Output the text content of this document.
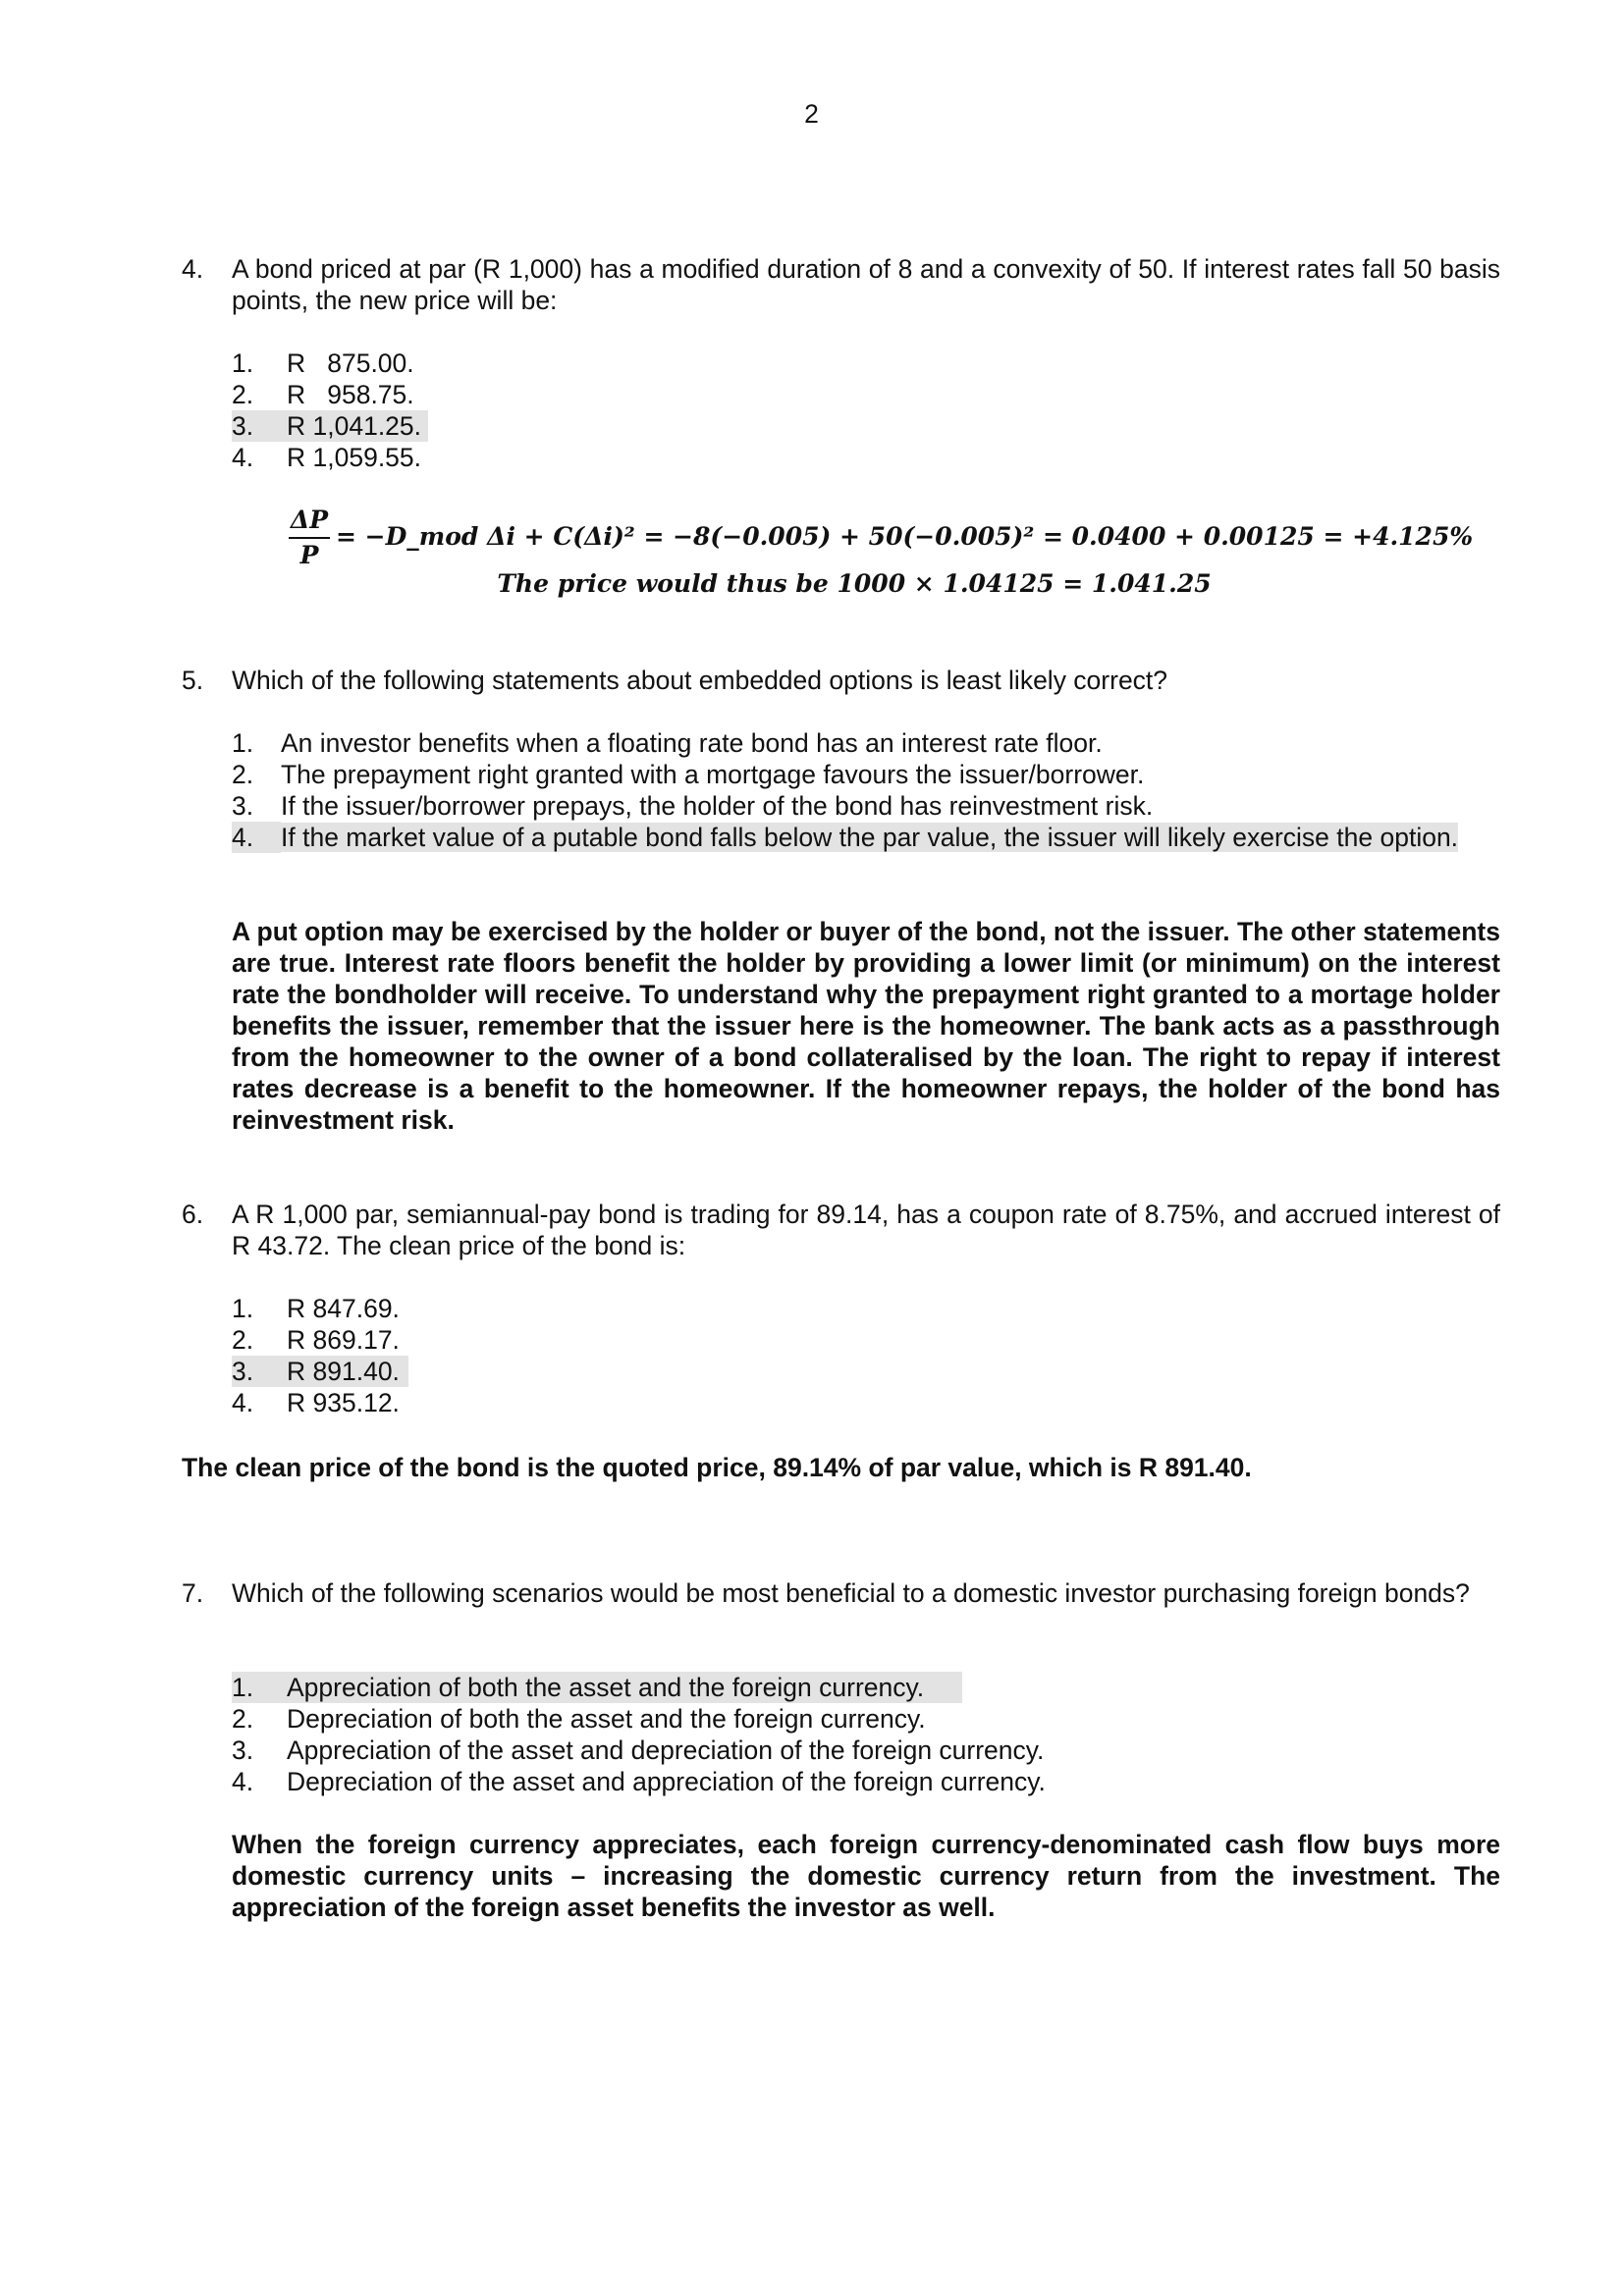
2
4. A bond priced at par (R 1,000) has a modified duration of 8 and a convexity of 50. If interest rates fall 50 basis points, the new price will be:
1.	R   875.00.
2.	R   958.75.
3.	R 1,041.25.
4.	R 1,059.55.
ΔP
P
= −D_mod Δi + C(Δi)² = −8(−0.005) + 50(−0.005)² = 0.0400 + 0.00125 = +4.125%
The price would thus be 1000 × 1.04125 = 1.041.25
5. Which of the following statements about embedded options is least likely correct?
1.	An investor benefits when a floating rate bond has an interest rate floor.
2.	The prepayment right granted with a mortgage favours the issuer/borrower.
3.	If the issuer/borrower prepays, the holder of the bond has reinvestment risk.
4.	If the market value of a putable bond falls below the par value, the issuer will likely exercise the option.
A put option may be exercised by the holder or buyer of the bond, not the issuer. The other statements are true. Interest rate floors benefit the holder by providing a lower limit (or minimum) on the interest rate the bondholder will receive. To understand why the prepayment right granted to a mortage holder benefits the issuer, remember that the issuer here is the homeowner. The bank acts as a passthrough from the homeowner to the owner of a bond collateralised by the loan. The right to repay if interest rates decrease is a benefit to the homeowner. If the homeowner repays, the holder of the bond has reinvestment risk.
6. A R 1,000 par, semiannual-pay bond is trading for 89.14, has a coupon rate of 8.75%, and accrued interest of R 43.72. The clean price of the bond is:
1.	R 847.69.
2.	R 869.17.
3.	R 891.40.
4.	R 935.12.
The clean price of the bond is the quoted price, 89.14% of par value, which is R 891.40.
7. Which of the following scenarios would be most beneficial to a domestic investor purchasing foreign bonds?
1.	Appreciation of both the asset and the foreign currency.
2.	Depreciation of both the asset and the foreign currency.
3.	Appreciation of the asset and depreciation of the foreign currency.
4.	Depreciation of the asset and appreciation of the foreign currency.
When the foreign currency appreciates, each foreign currency-denominated cash flow buys more domestic currency units – increasing the domestic currency return from the investment. The appreciation of the foreign asset benefits the investor as well.
